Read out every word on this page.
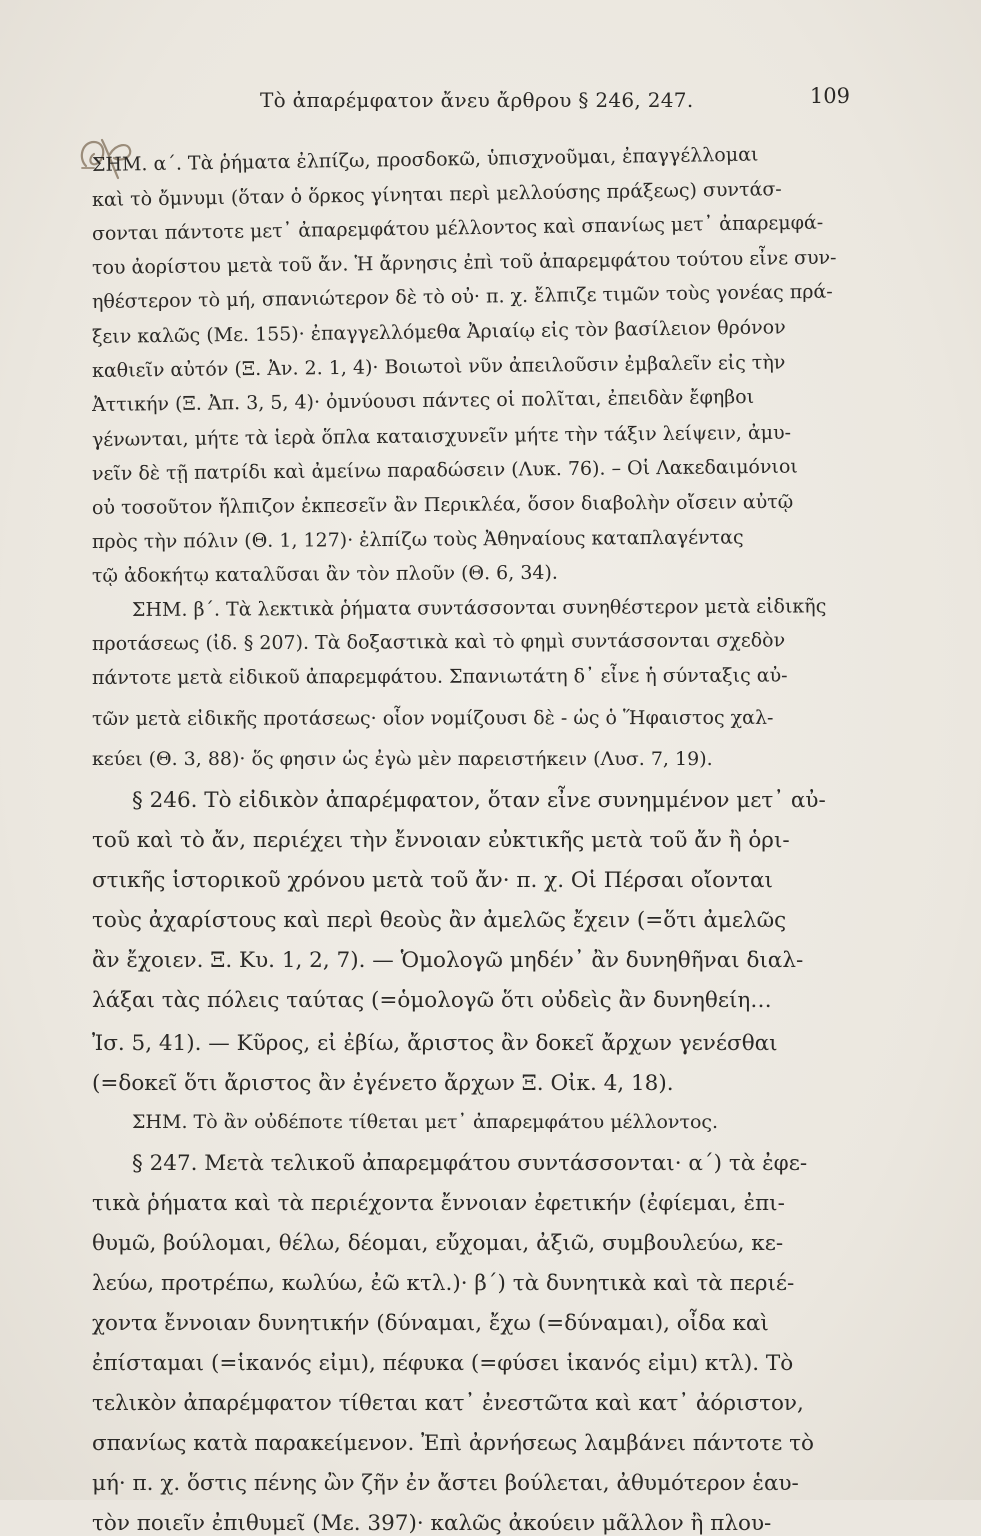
Τὸ ἀπαρέμφατον ἄνευ ἄρθρου § 246, 247.	109
ΣΗΜ. α΄. Τὰ ῥήματα ἐλπίζω, προσδοκῶ, ὑπισχνοῦμαι, ἐπαγγέλλομαι
καὶ τὸ ὄμνυμι (ὅταν ὁ ὅρκος γίνηται περὶ μελλούσης πράξεως) συντάσ-
σονται πάντοτε μετ᾿ ἀπαρεμφάτου μέλλοντος καὶ σπανίως μετ᾿ ἀπαρεμφά-
του ἀορίστου μετὰ τοῦ ἄν. Ἡ ἄρνησις ἐπὶ τοῦ ἀπαρεμφάτου τούτου εἶνε συν-
ηθέστερον τὸ μή, σπανιώτερον δὲ τὸ οὐ· π. χ. ἔλπιζε τιμῶν τοὺς γονέας πρά-
ξειν καλῶς (Με. 155)· ἐπαγγελλόμεθα Ἀριαίῳ εἰς τὸν βασίλειον θρόνον
καθιεῖν αὐτόν (Ξ. Ἀν. 2. 1, 4)· Βοιωτοὶ νῦν ἀπειλοῦσιν ἐμβαλεῖν εἰς τὴν
Ἀττικήν (Ξ. Ἀπ. 3, 5, 4)· ὀμνύουσι πάντες οἱ πολῖται, ἐπειδὰν ἔφηβοι
γένωνται, μήτε τὰ ἱερὰ ὅπλα καταισχυνεῖν μήτε τὴν τάξιν λείψειν, ἀμυ-
νεῖν δὲ τῇ πατρίδι καὶ ἀμείνω παραδώσειν (Λυκ. 76). – Οἱ Λακεδαιμόνιοι
οὐ τοσοῦτον ἤλπιζον ἐκπεσεῖν ἂν Περικλέα, ὅσον διαβολὴν οἴσειν αὐτῷ
πρὸς τὴν πόλιν (Θ. 1, 127)· ἐλπίζω τοὺς Ἀθηναίους καταπλαγέντας
τῷ ἀδοκήτῳ καταλῦσαι ἂν τὸν πλοῦν (Θ. 6, 34).
ΣΗΜ. β΄. Τὰ λεκτικὰ ῥήματα συντάσσονται συνηθέστερον μετὰ εἰδικῆς
προτάσεως (ἰδ. § 207). Τὰ δοξαστικὰ καὶ τὸ φημὶ συντάσσονται σχεδὸν
πάντοτε μετὰ εἰδικοῦ ἀπαρεμφάτου. Σπανιωτάτη δ᾿ εἶνε ἡ σύνταξις αὐ-
τῶν μετὰ εἰδικῆς προτάσεως· οἷον νομίζουσι δὲ - ὡς ὁ Ἥφαιστος χαλ-
κεύει (Θ. 3, 88)· ὅς φησιν ὡς ἐγὼ μὲν παρειστήκειν (Λυσ. 7, 19).
§ 246. Τὸ εἰδικὸν ἀπαρέμφατον, ὅταν εἶνε συνημμένον μετ᾿ αὐ-
τοῦ καὶ τὸ ἄν, περιέχει τὴν ἔννοιαν εὐκτικῆς μετὰ τοῦ ἄν ἢ ὁρι-
στικῆς ἱστορικοῦ χρόνου μετὰ τοῦ ἄν· π. χ. Οἱ Πέρσαι οἴονται
τοὺς ἀχαρίστους καὶ περὶ θεοὺς ἂν ἀμελῶς ἔχειν (=ὅτι ἀμελῶς
ἂν ἔχοιεν. Ξ. Κυ. 1, 2, 7). — Ὁμολογῶ μηδέν᾿ ἂν δυνηθῆναι διαλ-
λάξαι τὰς πόλεις ταύτας (=ὁμολογῶ ὅτι οὐδεὶς ἂν δυνηθείη…
Ἰσ. 5, 41). — Κῦρος, εἰ ἐβίω, ἄριστος ἂν δοκεῖ ἄρχων γενέσθαι
(=δοκεῖ ὅτι ἄριστος ἂν ἐγένετο ἄρχων Ξ. Οἰκ. 4, 18).
ΣΗΜ. Τὸ ἂν οὐδέποτε τίθεται μετ᾿ ἀπαρεμφάτου μέλλοντος.
§ 247. Μετὰ τελικοῦ ἀπαρεμφάτου συντάσσονται· α΄) τὰ ἐφε-
τικὰ ῥήματα καὶ τὰ περιέχοντα ἔννοιαν ἐφετικήν (ἐφίεμαι, ἐπι-
θυμῶ, βούλομαι, θέλω, δέομαι, εὔχομαι, ἀξιῶ, συμβουλεύω, κε-
λεύω, προτρέπω, κωλύω, ἐῶ κτλ.)· β΄) τὰ δυνητικὰ καὶ τὰ περιέ-
χοντα ἔννοιαν δυνητικήν (δύναμαι, ἔχω (=δύναμαι), οἶδα καὶ
ἐπίσταμαι (=ἱκανός εἰμι), πέφυκα (=φύσει ἱκανός εἰμι) κτλ). Τὸ
τελικὸν ἀπαρέμφατον τίθεται κατ᾿ ἐνεστῶτα καὶ κατ᾿ ἀόριστον,
σπανίως κατὰ παρακείμενον. Ἐπὶ ἀρνήσεως λαμβάνει πάντοτε τὸ
μή· π. χ. ὅστις πένης ὢν ζῆν ἐν ἄστει βούλεται, ἀθυμότερον ἑαυ-
τὸν ποιεῖν ἐπιθυμεῖ (Με. 397)· καλῶς ἀκούειν μᾶλλον ἢ πλου-
